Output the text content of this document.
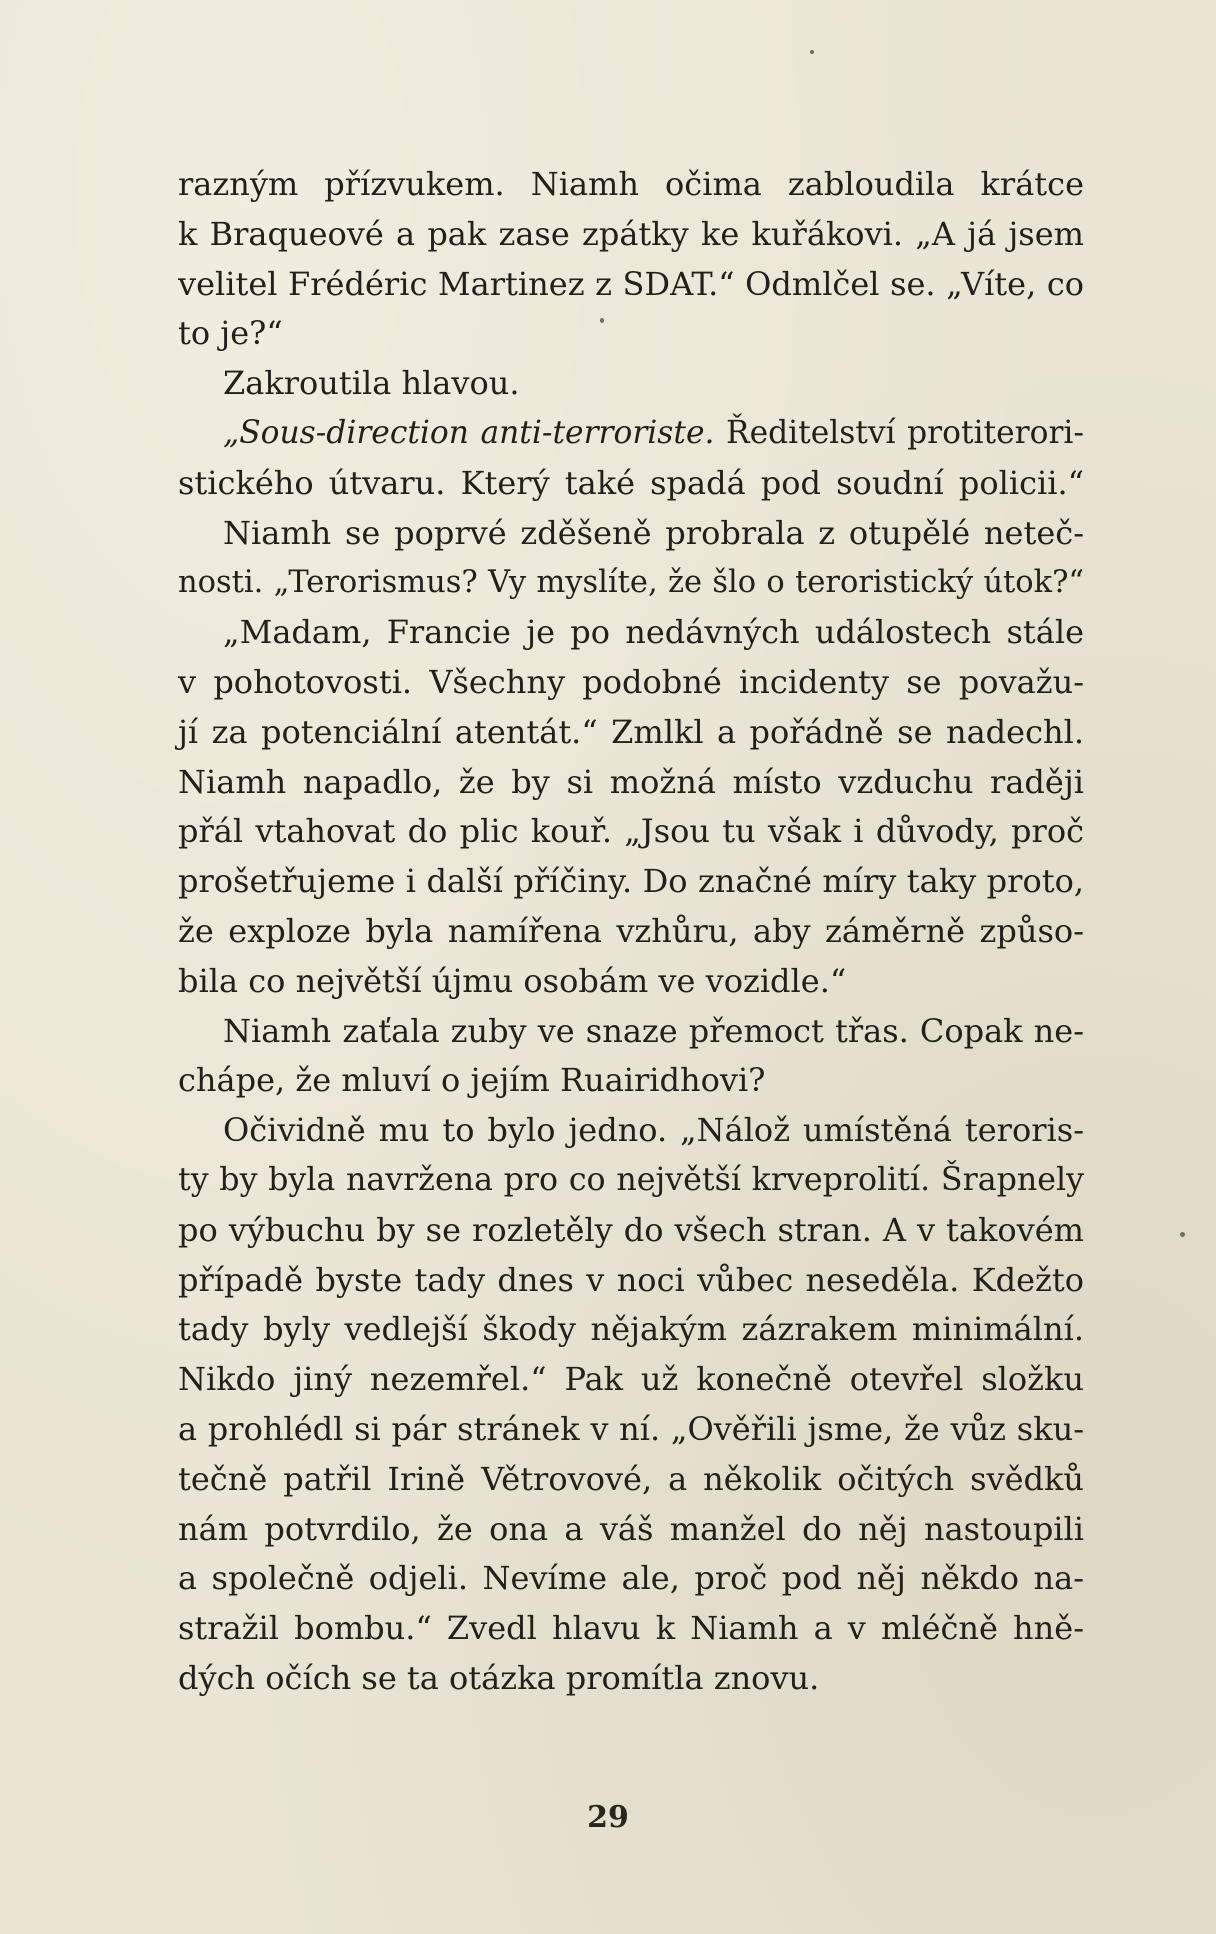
razným přízvukem. Niamh očima zabloudila krátce
k Braqueové a pak zase zpátky ke kuřákovi. „A já jsem
velitel Frédéric Martinez z SDAT.“ Odmlčel se. „Víte, co
to je?“
Zakroutila hlavou.
„Sous-direction anti-terroriste. Ředitelství protiterori-
stického útvaru. Který také spadá pod soudní policii.“
Niamh se poprvé zděšeně probrala z otupělé neteč-
nosti. „Terorismus? Vy myslíte, že šlo o teroristický útok?“
„Madam, Francie je po nedávných událostech stále
v pohotovosti. Všechny podobné incidenty se považu-
jí za potenciální atentát.“ Zmlkl a pořádně se nadechl.
Niamh napadlo, že by si možná místo vzduchu raději
přál vtahovat do plic kouř. „Jsou tu však i důvody, proč
prošetřujeme i další příčiny. Do značné míry taky proto,
že exploze byla namířena vzhůru, aby záměrně způso-
bila co největší újmu osobám ve vozidle.“
Niamh zaťala zuby ve snaze přemoct třas. Copak ne-
chápe, že mluví o jejím Ruairidhovi?
Očividně mu to bylo jedno. „Nálož umístěná teroris-
ty by byla navržena pro co největší krveprolití. Šrapnely
po výbuchu by se rozletěly do všech stran. A v takovém
případě byste tady dnes v noci vůbec neseděla. Kdežto
tady byly vedlejší škody nějakým zázrakem minimální.
Nikdo jiný nezemřel.“ Pak už konečně otevřel složku
a prohlédl si pár stránek v ní. „Ověřili jsme, že vůz sku-
tečně patřil Irině Větrovové, a několik očitých svědků
nám potvrdilo, že ona a váš manžel do něj nastoupili
a společně odjeli. Nevíme ale, proč pod něj někdo na-
stražil bombu.“ Zvedl hlavu k Niamh a v mléčně hně-
dých očích se ta otázka promítla znovu.
29
